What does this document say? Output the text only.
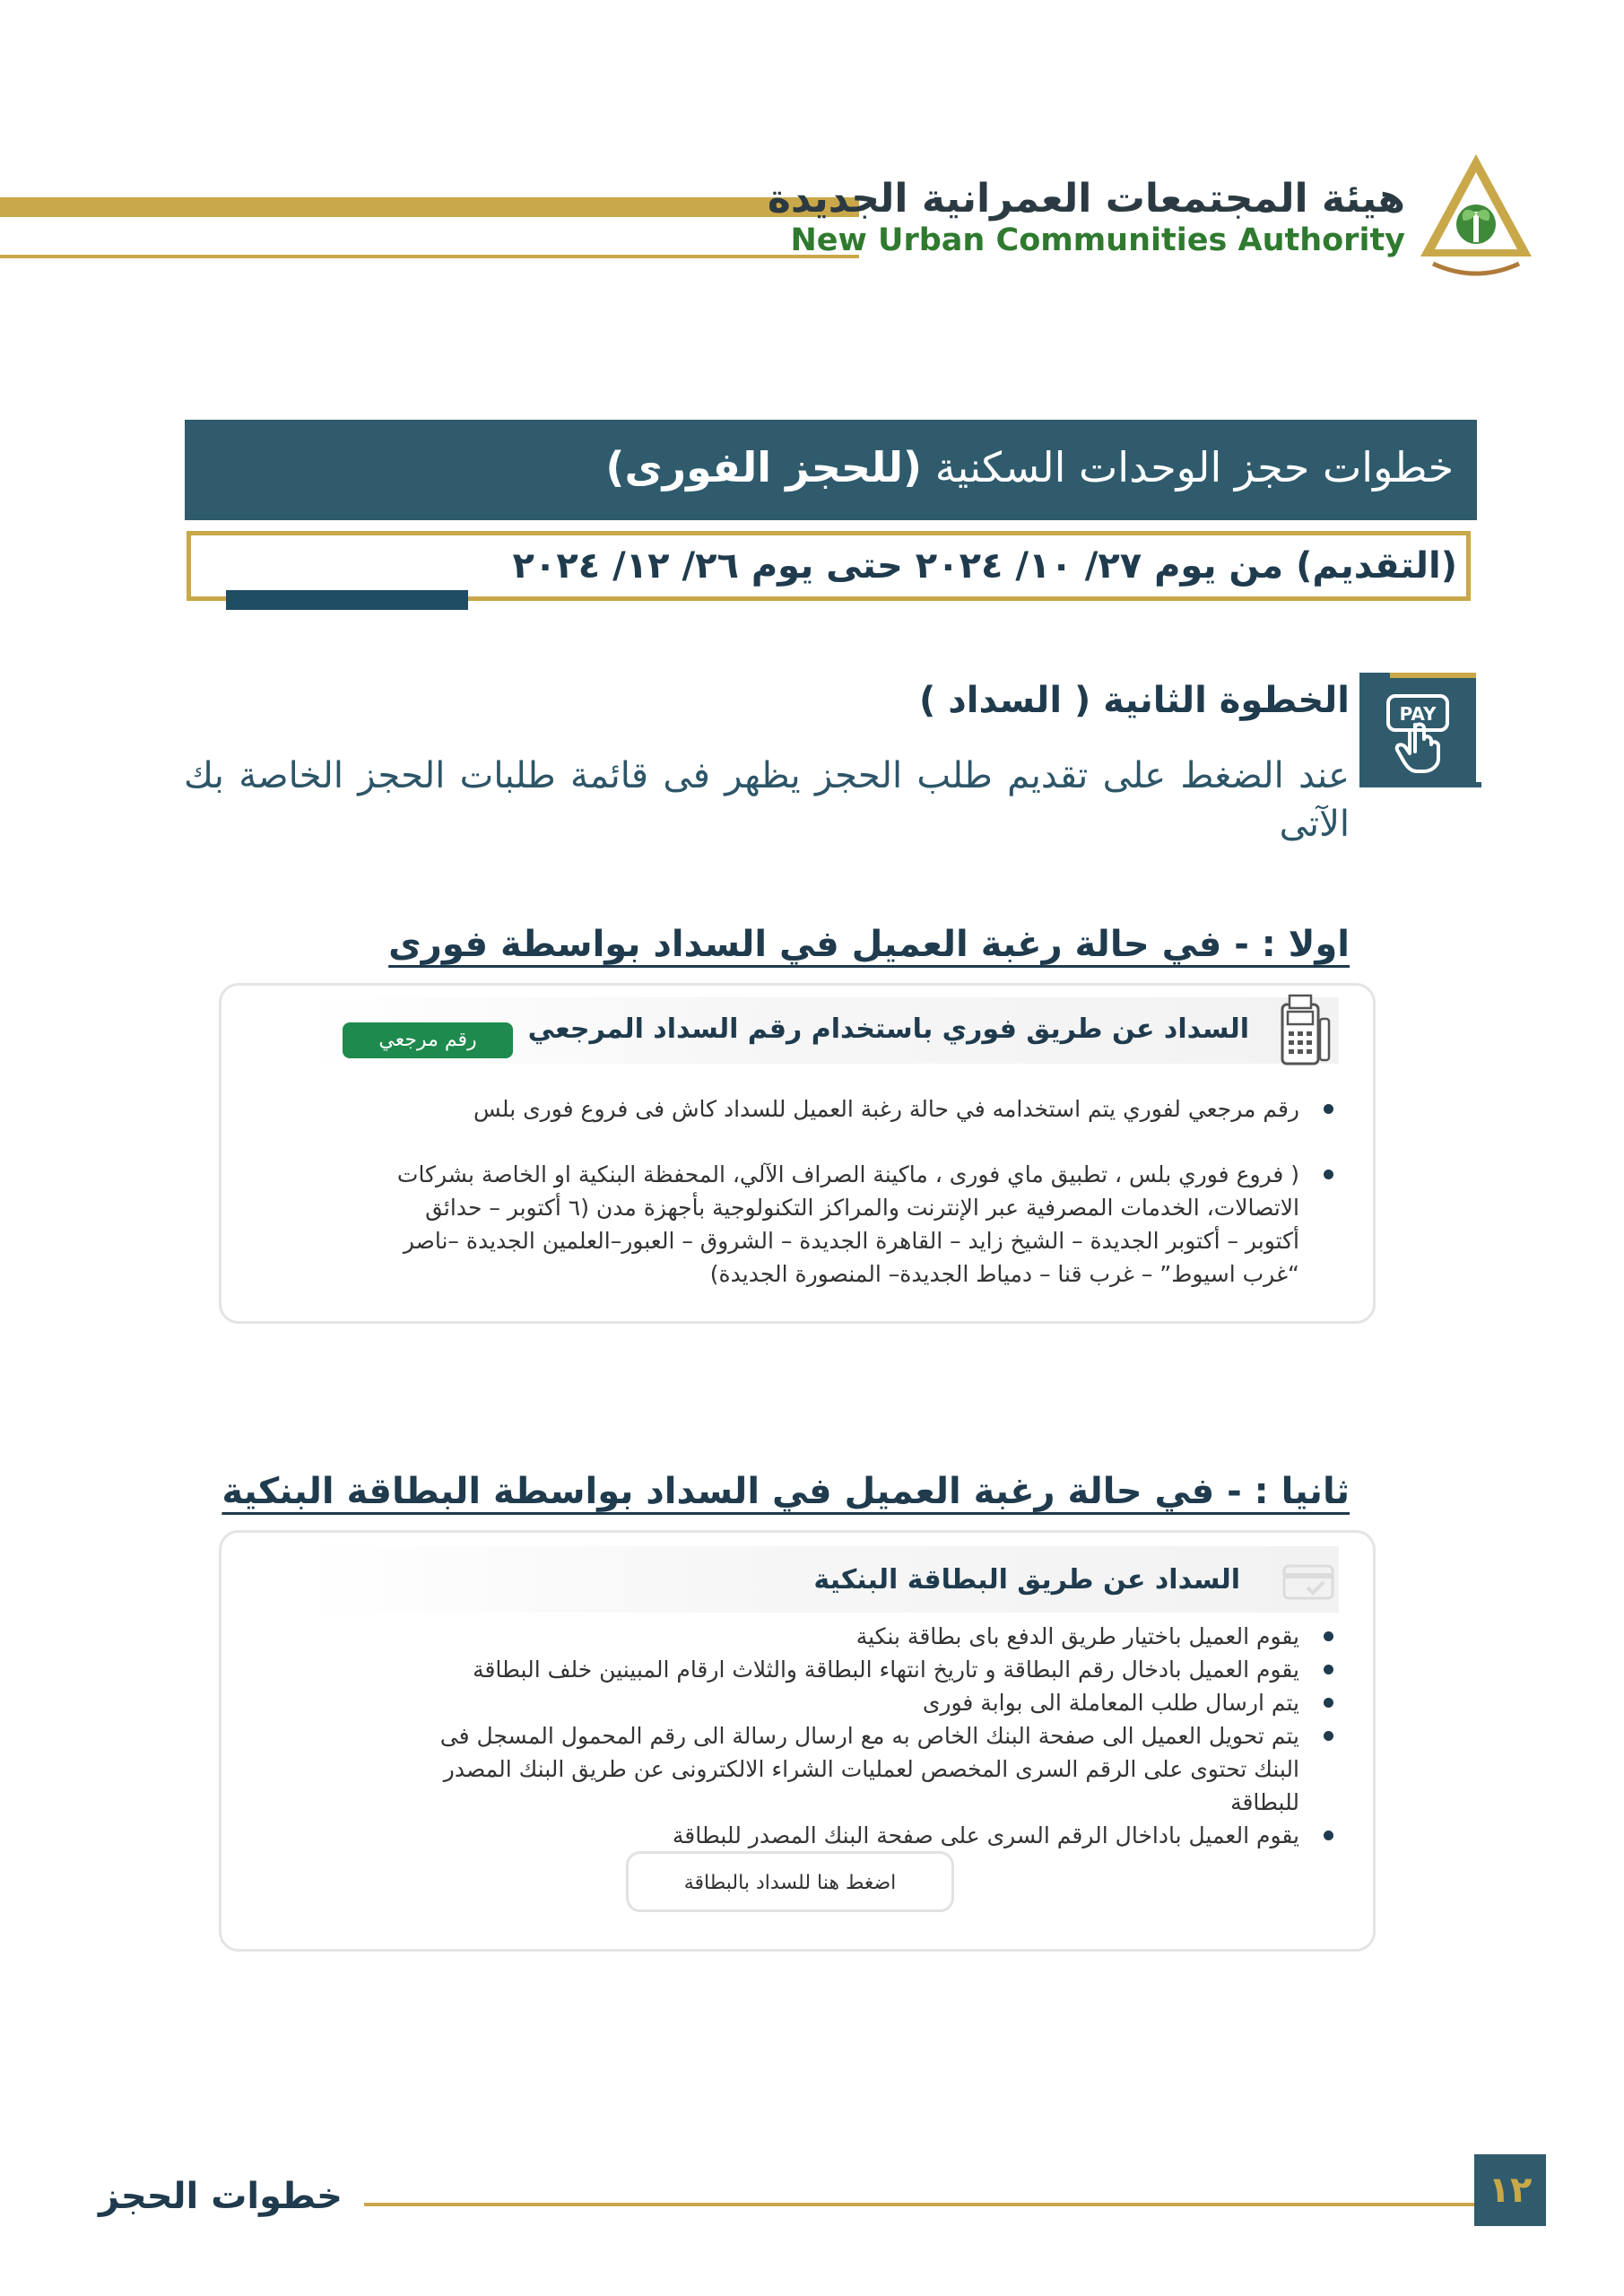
هيئة المجتمعات العمرانية الجديدة
New Urban Communities Authority
خطوات حجز الوحدات السكنية (للحجز الفورى)
(التقديم) من يوم ٢٧/ ١٠/ ٢٠٢٤ حتى يوم ٢٦/ ١٢/ ٢٠٢٤
PAY
الخطوة الثانية ( السداد )
عند الضغط على تقديم طلب الحجز يظهر فى قائمة طلبات الحجز الخاصة بك الآتى
اولا : - في حالة رغبة العميل في السداد بواسطة فورى
السداد عن طريق فوري باستخدام رقم السداد المرجعي
رقم مرجعي

رقم مرجعي لفوري يتم استخدامه في حالة رغبة العميل للسداد كاش فى فروع فورى بلس

( فروع فوري بلس ، تطبيق ماي فورى ، ماكينة الصراف الآلي، المحفظة البنكية او الخاصة بشركات الاتصالات، الخدمات المصرفية عبر الإنترنت والمراكز التكنولوجية بأجهزة مدن (٦ أكتوبر – حدائق أكتوبر – أكتوبر الجديدة – الشيخ زايد – القاهرة الجديدة – الشروق – العبور–العلمين الجديدة –ناصر “غرب اسيوط” – غرب قنا – دمياط الجديدة– المنصورة الجديدة)

ثانيا : - في حالة رغبة العميل في السداد بواسطة البطاقة البنكية
السداد عن طريق البطاقة البنكية

يقوم العميل باختيار طريق الدفع باى بطاقة بنكية

يقوم العميل بادخال رقم البطاقة و تاريخ انتهاء البطاقة والثلاث ارقام المبينين خلف البطاقة

يتم ارسال طلب المعاملة الى بوابة فورى

يتم تحويل العميل الى صفحة البنك الخاص به مع ارسال رسالة الى رقم المحمول المسجل فى البنك تحتوى على الرقم السرى المخصص لعمليات الشراء الالكترونى عن طريق البنك المصدر للبطاقة

يقوم العميل باداخال الرقم السرى على صفحة البنك المصدر للبطاقة

اضغط هنا للسداد بالبطاقة
١٢
خطوات الحجز
